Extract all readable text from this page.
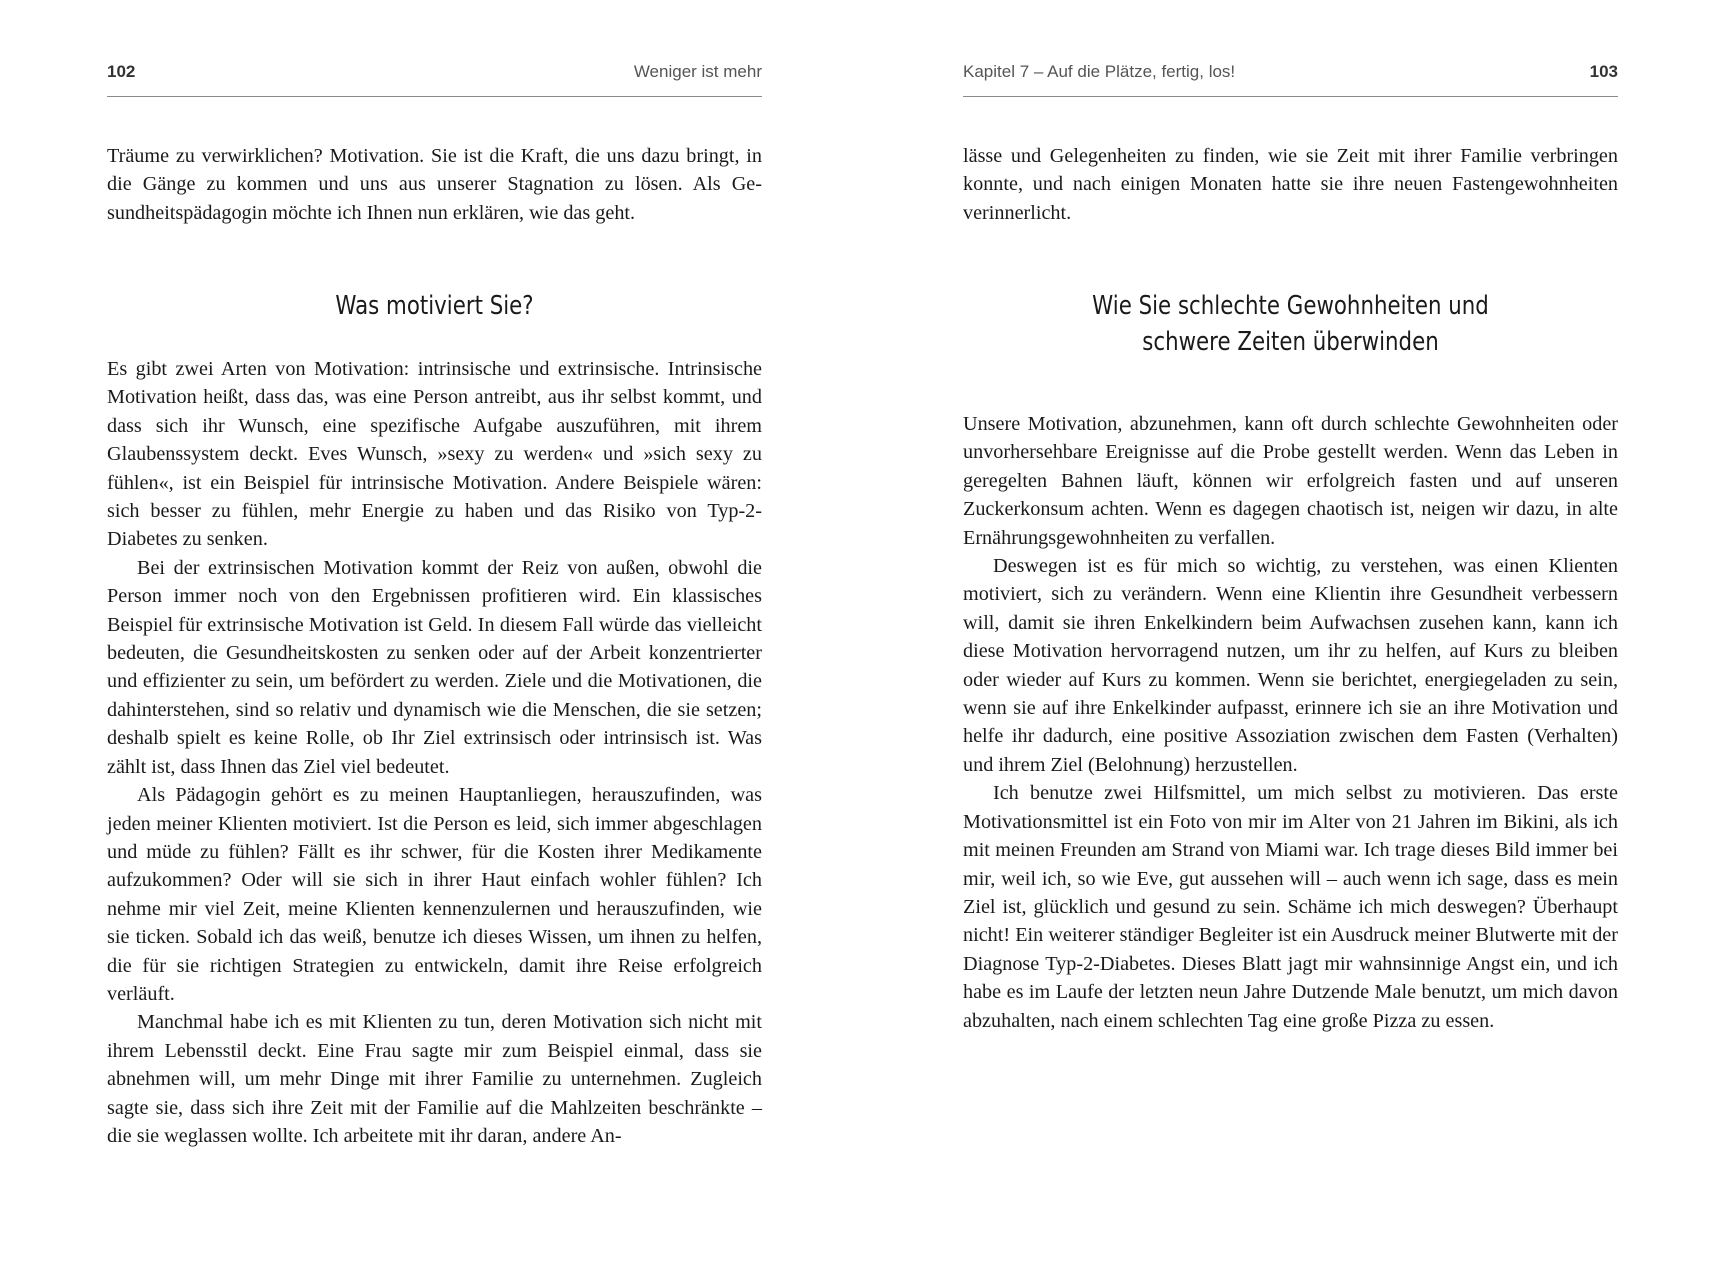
102	Weniger ist mehr

Träume zu verwirklichen? Motivation. Sie ist die Kraft, die uns dazu bringt, in die Gänge zu kommen und uns aus unserer Stagnation zu lösen. Als Gesundheitspädagogin möchte ich Ihnen nun erklären, wie das geht.

Was motiviert Sie?

Es gibt zwei Arten von Motivation: intrinsische und extrinsische. Intrinsische Motivation heißt, dass das, was eine Person antreibt, aus ihr selbst kommt, und dass sich ihr Wunsch, eine spezifische Aufgabe auszuführen, mit ihrem Glaubenssystem deckt. Eves Wunsch, »sexy zu werden« und »sich sexy zu fühlen«, ist ein Beispiel für intrinsische Motivation. Andere Beispiele wären: sich besser zu fühlen, mehr Energie zu haben und das Risiko von Typ-2-Diabetes zu senken.

Bei der extrinsischen Motivation kommt der Reiz von außen, obwohl die Person immer noch von den Ergebnissen profitieren wird. Ein klassisches Beispiel für extrinsische Motivation ist Geld. In diesem Fall würde das vielleicht bedeuten, die Gesundheitskosten zu senken oder auf der Arbeit konzentrierter und effizienter zu sein, um befördert zu werden. Ziele und die Motivationen, die dahinterstehen, sind so relativ und dynamisch wie die Menschen, die sie setzen; deshalb spielt es keine Rolle, ob Ihr Ziel extrinsisch oder intrinsisch ist. Was zählt ist, dass Ihnen das Ziel viel bedeutet.

Als Pädagogin gehört es zu meinen Hauptanliegen, herauszufinden, was jeden meiner Klienten motiviert. Ist die Person es leid, sich immer abgeschlagen und müde zu fühlen? Fällt es ihr schwer, für die Kosten ihrer Medikamente aufzukommen? Oder will sie sich in ihrer Haut einfach wohler fühlen? Ich nehme mir viel Zeit, meine Klienten kennenzulernen und herauszufinden, wie sie ticken. Sobald ich das weiß, benutze ich dieses Wissen, um ihnen zu helfen, die für sie richtigen Strategien zu entwickeln, damit ihre Reise erfolgreich verläuft.

Manchmal habe ich es mit Klienten zu tun, deren Motivation sich nicht mit ihrem Lebensstil deckt. Eine Frau sagte mir zum Beispiel einmal, dass sie abnehmen will, um mehr Dinge mit ihrer Familie zu unternehmen. Zugleich sagte sie, dass sich ihre Zeit mit der Familie auf die Mahlzeiten beschränkte – die sie weglassen wollte. Ich arbeitete mit ihr daran, andere An-

Kapitel 7 – Auf die Plätze, fertig, los!	103

lässe und Gelegenheiten zu finden, wie sie Zeit mit ihrer Familie verbringen konnte, und nach einigen Monaten hatte sie ihre neuen Fastengewohnheiten verinnerlicht.

Wie Sie schlechte Gewohnheiten und
schwere Zeiten überwinden

Unsere Motivation, abzunehmen, kann oft durch schlechte Gewohnheiten oder unvorhersehbare Ereignisse auf die Probe gestellt werden. Wenn das Leben in geregelten Bahnen läuft, können wir erfolgreich fasten und auf unseren Zuckerkonsum achten. Wenn es dagegen chaotisch ist, neigen wir dazu, in alte Ernährungsgewohnheiten zu verfallen.

Deswegen ist es für mich so wichtig, zu verstehen, was einen Klienten motiviert, sich zu verändern. Wenn eine Klientin ihre Gesundheit verbessern will, damit sie ihren Enkelkindern beim Aufwachsen zusehen kann, kann ich diese Motivation hervorragend nutzen, um ihr zu helfen, auf Kurs zu bleiben oder wieder auf Kurs zu kommen. Wenn sie berichtet, energiegeladen zu sein, wenn sie auf ihre Enkelkinder aufpasst, erinnere ich sie an ihre Motivation und helfe ihr dadurch, eine positive Assoziation zwischen dem Fasten (Verhalten) und ihrem Ziel (Belohnung) herzustellen.

Ich benutze zwei Hilfsmittel, um mich selbst zu motivieren. Das erste Motivationsmittel ist ein Foto von mir im Alter von 21 Jahren im Bikini, als ich mit meinen Freunden am Strand von Miami war. Ich trage dieses Bild immer bei mir, weil ich, so wie Eve, gut aussehen will – auch wenn ich sage, dass es mein Ziel ist, glücklich und gesund zu sein. Schäme ich mich deswegen? Überhaupt nicht! Ein weiterer ständiger Begleiter ist ein Ausdruck meiner Blutwerte mit der Diagnose Typ-2-Diabetes. Dieses Blatt jagt mir wahnsinnige Angst ein, und ich habe es im Laufe der letzten neun Jahre Dutzende Male benutzt, um mich davon abzuhalten, nach einem schlechten Tag eine große Pizza zu essen.
